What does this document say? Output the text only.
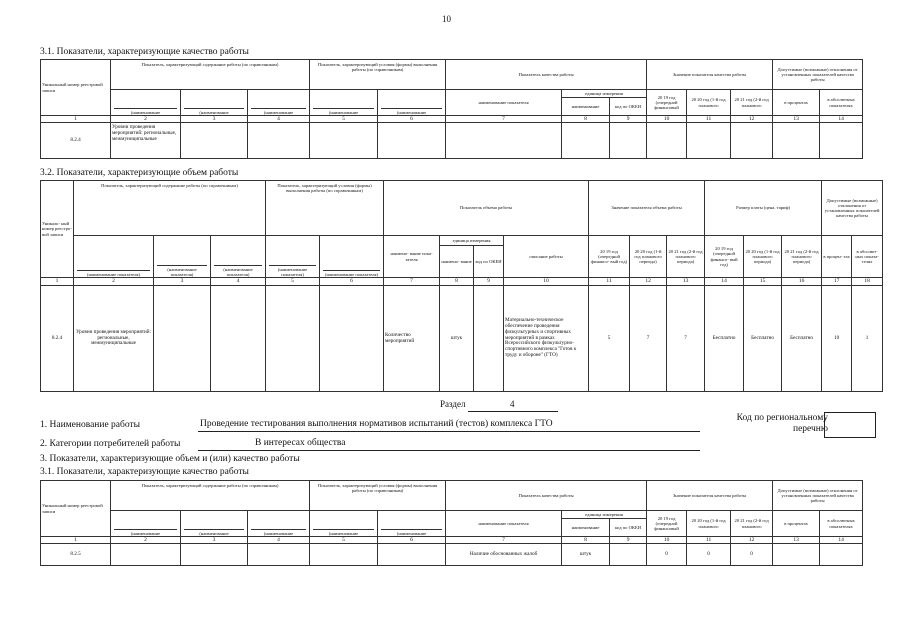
10
3.1. Показатели, характеризующие качество работы
Уникальный номер реестровой записи	Показатель, характеризующий содержание работы (по справочникам)			Показатель, характеризующий условия (формы) выполнения работы (по справочникам)		Показатель качества работы			Значение показателя качества работы			Допустимые (возможные) отклонения от установленных показателей качества работы	

	(наименование	(наименование	(наименование	(наименование	(наименование	наименование показателя	единица измерения		20 19 год (очередной финансовый	20 20 год (1-й год планового	20 21 год (2-й год планового	в процентах	в абсолютных показателях
							наименование	код по ОКЕИ					
1	2	3	4	5	6	7	8	9	10	11	12	13	14
8.2.4	Уровни проведения мероприятий: региональные, межмуниципальные												
3.2. Показатели, характеризующие объем работы
Уникаль- ный номер реестро- вой записи	Показатель, характеризующий содержание работы (по справочникам)			Показатель, характеризующий условия (формы) выполнения работы (по справочникам)		Показатель объема работы				Значение показателя объема работы			Размер платы (цена, тариф)			Допустимые (возможные) отклонения от установленных показателей качества работы	

	(наименование показателя)	(наименование показателя)	(наименование показателя)	(наименование показателя)	(наименование показателя)	наимено- вание пока- зателя	единица измерения		описание работы	20 19 год (очередной финансо- вый год)	20 20 год (1-й год планового периода)	20 21 год (2-й год планового периода)	20 19 год (очередной финансо- вый год)	20 20 год (1-й год планового периода)	20 21 год (2-й год планового периода)	в процен- тах	в абсолют- ных показа- телях
							наимено- вание	код по ОКЕИ									
1	2	3	4	5	6	7	8	9	10	11	12	13	14	15	16	17	18
8.2.4	Уровни проведения мероприятий: региональные, межмуниципальные					Количество мероприятий	штук		Материально-техническое обеспечение проведения физкультурных и спортивных мероприятий в рамках Всероссийского физкультурно-спортивного комплекса "Готов к труду и обороне" (ГТО)	5	7	7	Бесплатно	Бесплатно	Бесплатно	10	1
Раздел	4
1. Наименование работы	Проведение тестирования выполнения нормативов испытаний (тестов) комплекса ГТО
Код по региональному перечню
2. Категории потребителей работы	В интересах общества
3. Показатели, характеризующие объем и (или) качество работы
3.1. Показатели, характеризующие качество работы
Уникальный номер реестровой записи	Показатель, характеризующий содержание работы (по справочникам)			Показатель, характеризующий условия (формы) выполнения работы (по справочникам)		Показатель качества работы			Значение показателя качества работы			Допустимые (возможные) отклонения от установленных показателей качества работы	

	(наименование	(наименование	(наименование	(наименование	(наименование	наименование показателя	единица измерения		20 19 год (очередной финансовый	20 20 год (1-й год планового	20 21 год (2-й год планового	в процентах	в абсолютных показателях
							наименование	код по ОКЕИ					
1	2	3	4	5	6	7	8	9	10	11	12	13	14
8.2.5						Наличие обоснованных жалоб	штук		0	0	0		
